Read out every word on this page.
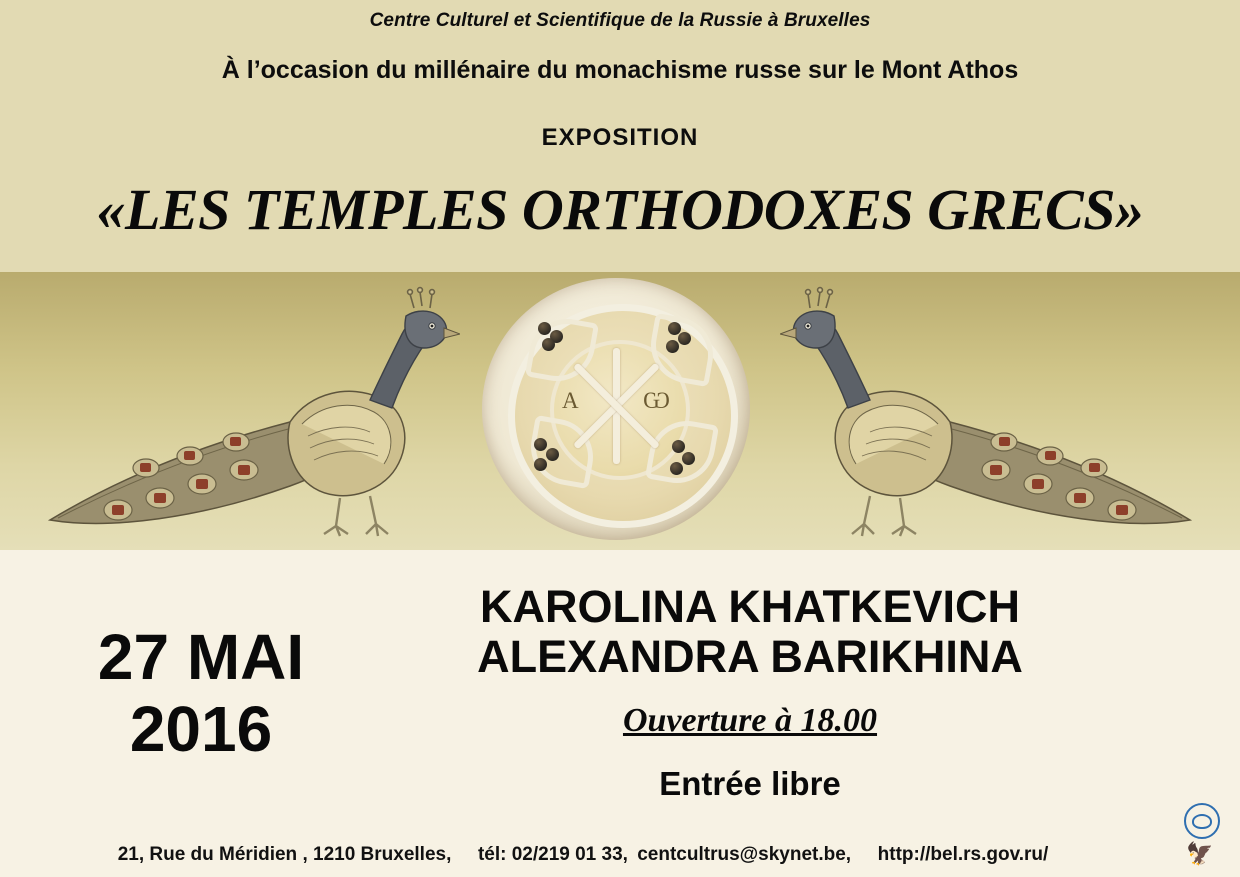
Centre Culturel et Scientifique de la Russie à Bruxelles
À l’occasion du millénaire du monachisme russe sur le Mont Athos
EXPOSITION
«LES TEMPLES ORTHODOXES GRECS»
A	Ѡ
27 MAI
2016
KAROLINA KHATKEVICH
ALEXANDRA BARIKHINA
Ouverture à 18.00
Entrée libre
21, Rue du Méridien , 1210 Bruxelles, tél: 02/219 01 33, centcultrus@skynet.be, http://bel.rs.gov.ru/	🦅
